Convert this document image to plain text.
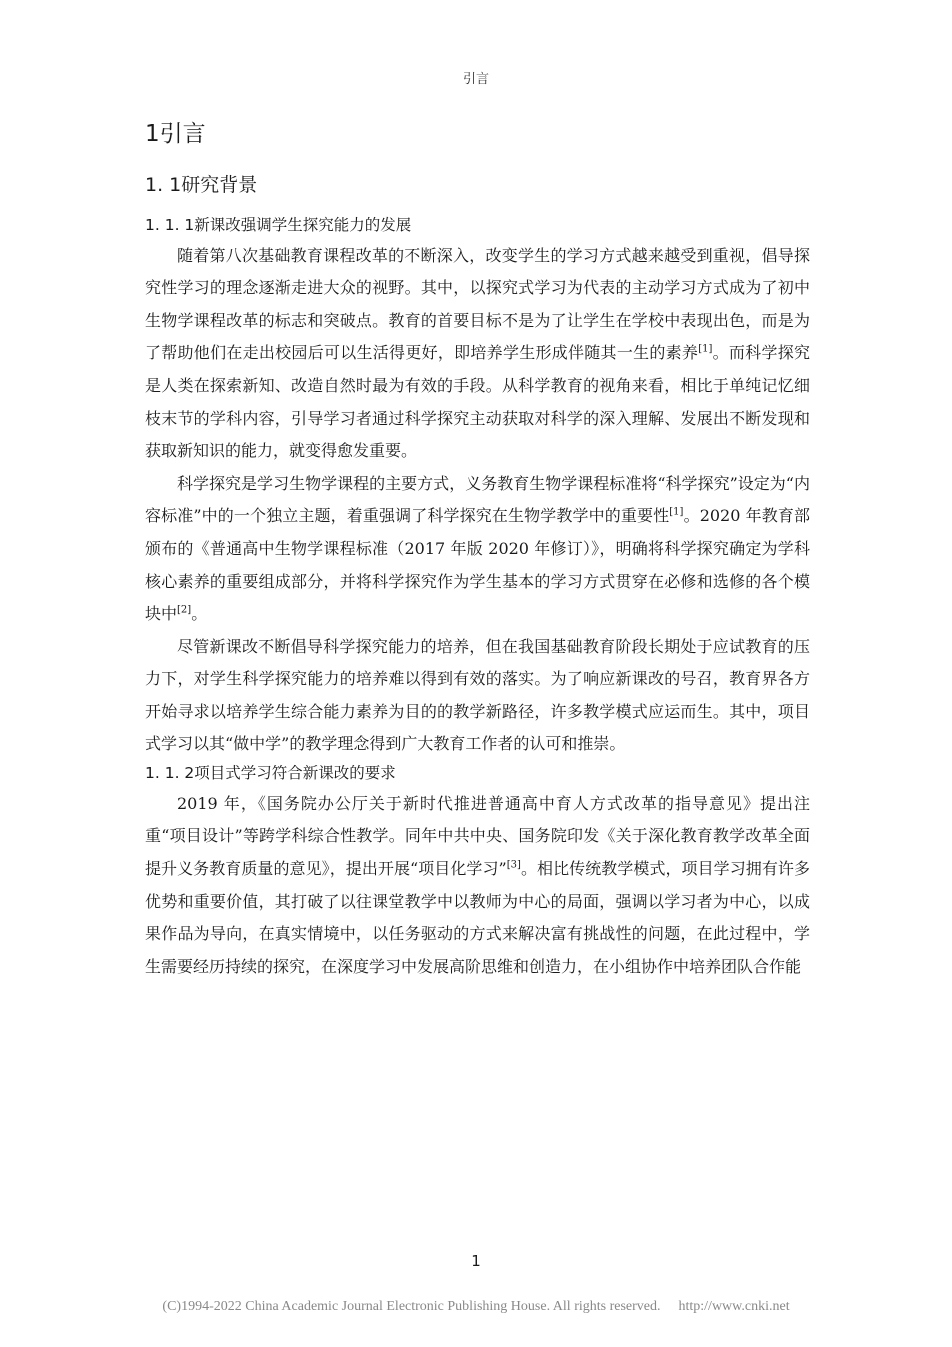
引言
1引言
1. 1研究背景
1. 1. 1新课改强调学生探究能力的发展

随着第八次基础教育课程改革的不断深入，改变学生的学习方式越来越受到重视，倡导探究性学习的理念逐渐走进大众的视野。其中，以探究式学习为代表的主动学习方式成为了初中生物学课程改革的标志和突破点。教育的首要目标不是为了让学生在学校中表现出色，而是为了帮助他们在走出校园后可以生活得更好，即培养学生形成伴随其一生的素养[1]。而科学探究是人类在探索新知、改造自然时最为有效的手段。从科学教育的视角来看，相比于单纯记忆细枝末节的学科内容，引导学习者通过科学探究主动获取对科学的深入理解、发展出不断发现和获取新知识的能力，就变得愈发重要。

科学探究是学习生物学课程的主要方式，义务教育生物学课程标准将“科学探究”设定为“内容标准”中的一个独立主题，着重强调了科学探究在生物学教学中的重要性[1]。2020 年教育部颁布的《普通高中生物学课程标准（2017 年版 2020 年修订）》，明确将科学探究确定为学科核心素养的重要组成部分，并将科学探究作为学生基本的学习方式贯穿在必修和选修的各个模块中[2]。

尽管新课改不断倡导科学探究能力的培养，但在我国基础教育阶段长期处于应试教育的压力下，对学生科学探究能力的培养难以得到有效的落实。为了响应新课改的号召，教育界各方开始寻求以培养学生综合能力素养为目的的教学新路径，许多教学模式应运而生。其中，项目式学习以其“做中学”的教学理念得到广大教育工作者的认可和推崇。

1. 1. 2项目式学习符合新课改的要求

2019 年，《国务院办公厅关于新时代推进普通高中育人方式改革的指导意见》提出注重“项目设计”等跨学科综合性教学。同年中共中央、国务院印发《关于深化教育教学改革全面提升义务教育质量的意见》，提出开展“项目化学习”[3]。相比传统教学模式，项目学习拥有许多优势和重要价值，其打破了以往课堂教学中以教师为中心的局面，强调以学习者为中心，以成果作品为导向，在真实情境中，以任务驱动的方式来解决富有挑战性的问题，在此过程中，学生需要经历持续的探究，在深度学习中发展高阶思维和创造力，在小组协作中培养团队合作能

1
(C)1994-2022 China Academic Journal Electronic Publishing House. All rights reserved. http://www.cnki.net
